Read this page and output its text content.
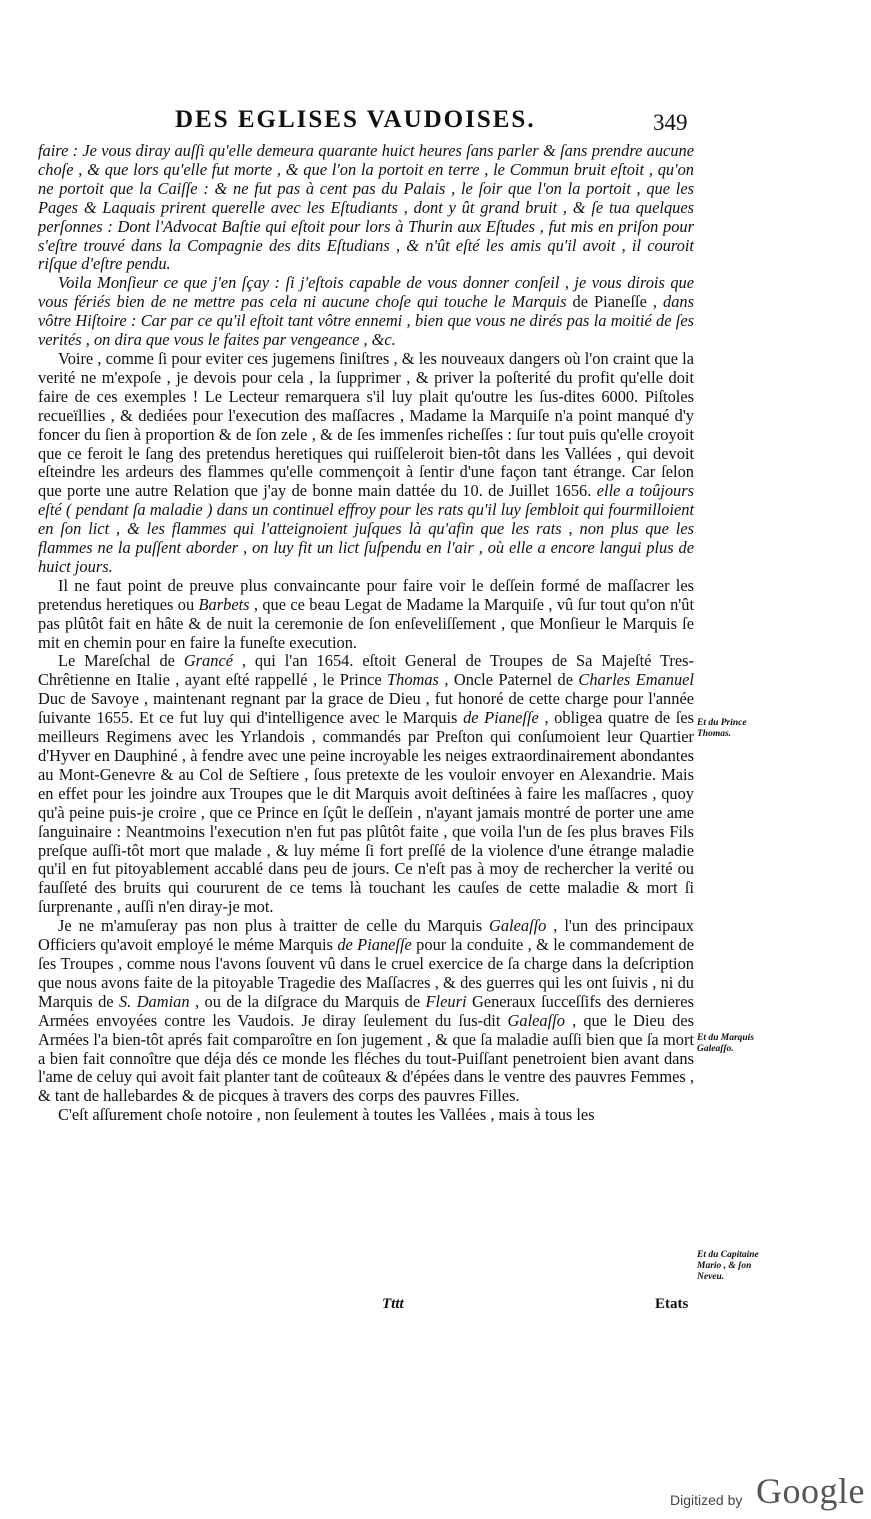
DES EGLISES VAUDOISES.	349

faire : Je vous diray auſſi qu'elle demeura quarante huict heures ſans parler & ſans prendre aucune choſe , & que lors qu'elle fut morte , & que l'on la portoit en terre , le Commun bruit eſtoit , qu'on ne portoit que la Caiſſe : & ne fut pas à cent pas du Palais , le ſoir que l'on la portoit , que les Pages & Laquais prirent querelle avec les Eſtudiants , dont y ût grand bruit , & ſe tua quelques perſonnes : Dont l'Advocat Baſtie qui eſtoit pour lors à Thurin aux Eſtudes , fut mis en priſon pour s'eſtre trouvé dans la Compagnie des dits Eſtudians , & n'ût eſté les amis qu'il avoit , il couroit riſque d'eſtre pendu.

Voila Monſieur ce que j'en ſçay : ſi j'eſtois capable de vous donner conſeil , je vous dirois que vous fériés bien de ne mettre pas cela ni aucune choſe qui touche le Marquis de Pianeſſe , dans vôtre Hiſtoire : Car par ce qu'il eſtoit tant vôtre ennemi , bien que vous ne dirés pas la moitié de ſes verités , on dira que vous le faites par vengeance , &c.

Voire , comme ſi pour eviter ces jugemens ſiniſtres , & les nouveaux dangers où l'on craint que la verité ne m'expoſe , je devois pour cela , la ſupprimer , & priver la poſterité du profit qu'elle doit faire de ces exemples ! Le Lecteur remarquera s'il luy plait qu'outre les ſus-dites 6000. Piſtoles recueïllies , & dediées pour l'execution des maſſacres , Madame la Marquiſe n'a point manqué d'y foncer du ſien à proportion & de ſon zele , & de ſes immenſes richeſſes : ſur tout puis qu'elle croyoit que ce feroit le ſang des pretendus heretiques qui ruiſſeleroit bien-tôt dans les Vallées , qui devoit eſteindre les ardeurs des flammes qu'elle commençoit à ſentir d'une façon tant étrange. Car ſelon que porte une autre Relation que j'ay de bonne main dattée du 10. de Juillet 1656. elle a toûjours eſté ( pendant ſa maladie ) dans un continuel effroy pour les rats qu'il luy ſembloit qui fourmilloient en ſon lict , & les flammes qui l'atteignoient juſques là qu'afin que les rats , non plus que les flammes ne la puſſent aborder , on luy fit un lict ſuſpendu en l'air , où elle a encore langui plus de huict jours.

Il ne faut point de preuve plus convaincante pour faire voir le deſſein formé de maſſacrer les pretendus heretiques ou Barbets , que ce beau Legat de Madame la Marquiſe , vû ſur tout qu'on n'ût pas plûtôt fait en hâte & de nuit la ceremonie de ſon enſeveliſſement , que Monſieur le Marquis ſe mit en chemin pour en faire la funeſte execution.

Le Mareſchal de Grancé , qui l'an 1654. eſtoit General de Troupes de Sa Majeſté Tres-Chrêtienne en Italie , ayant eſté rappellé , le Prince Thomas , Oncle Paternel de Charles Emanuel Duc de Savoye , maintenant regnant par la grace de Dieu , fut honoré de cette charge pour l'année ſuivante 1655. Et ce fut luy qui d'intelligence avec le Marquis de Pianeſſe , obligea quatre de ſes meilleurs Regimens avec les Yrlandois , commandés par Preſton qui conſumoient leur Quartier d'Hyver en Dauphiné , à fendre avec une peine incroyable les neiges extraordinairement abondantes au Mont-Genevre & au Col de Seſtiere , ſous pretexte de les vouloir envoyer en Alexandrie. Mais en effet pour les joindre aux Troupes que le dit Marquis avoit deſtinées à faire les maſſacres , quoy qu'à peine puis-je croire , que ce Prince en ſçût le deſſein , n'ayant jamais montré de porter une ame ſanguinaire : Neantmoins l'execution n'en fut pas plûtôt faite , que voila l'un de ſes plus braves Fils preſque auſſi-tôt mort que malade , & luy méme ſi fort preſſé de la violence d'une étrange maladie qu'il en fut pitoyablement accablé dans peu de jours. Ce n'eſt pas à moy de rechercher la verité ou fauſſeté des bruits qui coururent de ce tems là touchant les cauſes de cette maladie & mort ſi ſurprenante , auſſi n'en diray-je mot.

Je ne m'amuſeray pas non plus à traitter de celle du Marquis Galeaſſo , l'un des principaux Officiers qu'avoit employé le méme Marquis de Pianeſſe pour la conduite , & le commandement de ſes Troupes , comme nous l'avons ſouvent vû dans le cruel exercice de ſa charge dans la deſcription que nous avons faite de la pitoyable Tragedie des Maſſacres , & des guerres qui les ont ſuivis , ni du Marquis de S. Damian , ou de la diſgrace du Marquis de Fleuri Generaux ſucceſſifs des dernieres Armées envoyées contre les Vaudois. Je diray ſeulement du ſus-dit Galeaſſo , que le Dieu des Armées l'a bien-tôt aprés fait comparoître en ſon jugement , & que ſa maladie auſſi bien que ſa mort a bien fait connoître que déja dés ce monde les fléches du tout-Puiſſant penetroient bien avant dans l'ame de celuy qui avoit fait planter tant de coûteaux & d'épées dans le ventre des pauvres Femmes , & tant de hallebardes & de picques à travers des corps des pauvres Filles.

C'eſt aſſurement choſe notoire , non ſeulement à toutes les Vallées , mais à tous les

Et du Prince Thomas.
Et du Marquis Galeaſſo.
Et du Capitaine Mario , & ſon Neveu.
Tttt	Etats
Digitized by Google
